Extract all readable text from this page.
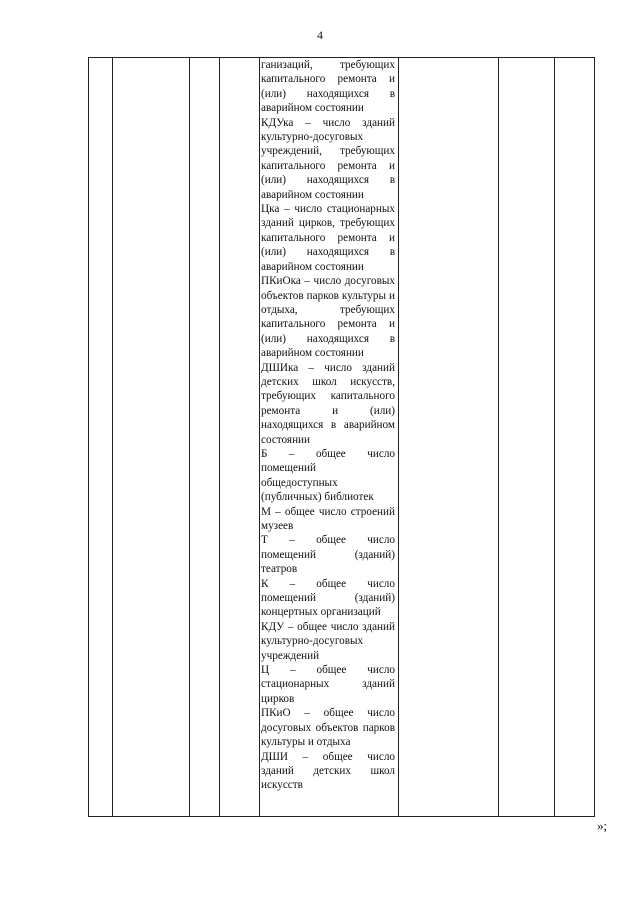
4

ганизаций, требующих капитального ремонта и (или) находящихся в аварийном состоянии

КДУка – число зданий культурно-досуговых учреждений, требующих капитального ремонта и (или) находящихся в аварийном состоянии

Цка – число стационарных зданий цирков, требующих капитального ремонта и (или) находящихся в аварийном состоянии

ПКиОка – число досуговых объектов парков культуры и отдыха, требующих капитального ремонта и (или) находящихся в аварийном состоянии

ДШИка – число зданий детских школ искусств, требующих капитального ремонта и (или) находящихся в аварийном состоянии

Б – общее число помещений общедоступных (публичных) библиотек

М – общее число строений музеев

Т – общее число помещений (зданий) театров

К – общее число помещений (зданий) концертных организаций

КДУ – общее число зданий культурно-досуговых учреждений

Ц – общее число стационарных зданий цирков

ПКиО – общее число досуговых объектов парков культуры и отдыха

ДШИ – общее число зданий детских школ искусств

»;
